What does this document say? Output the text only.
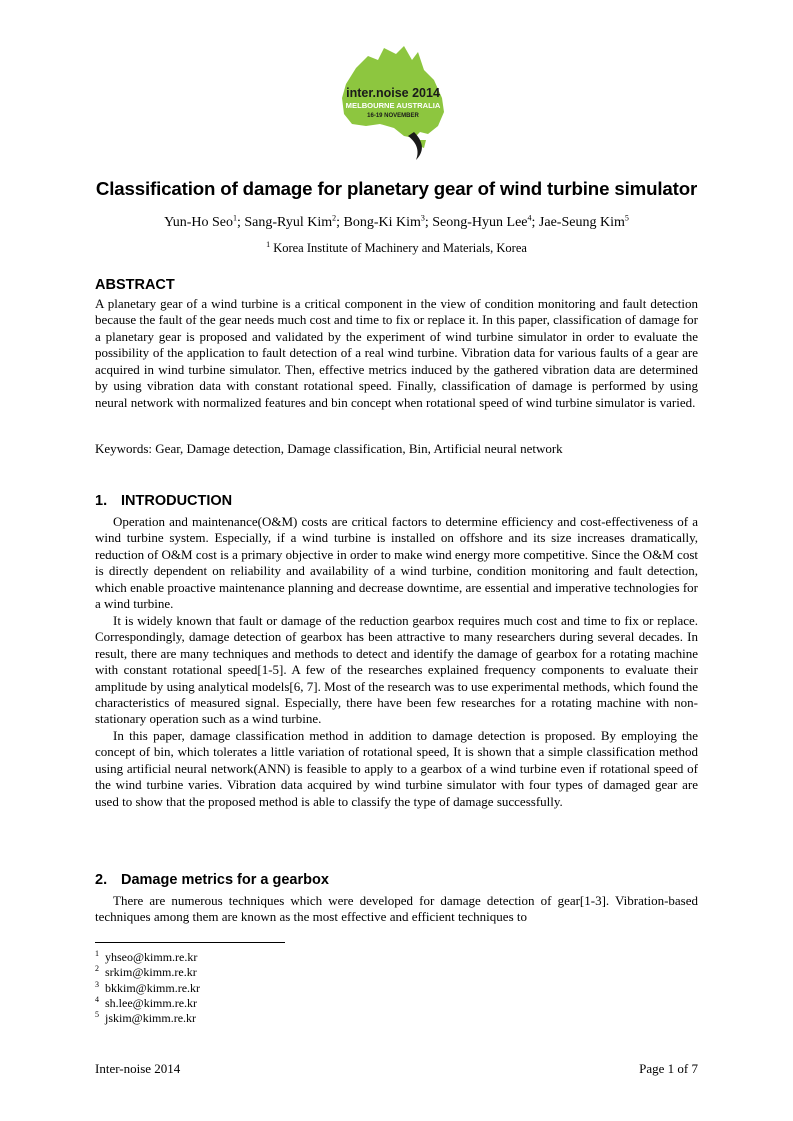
inter.noise 2014
MELBOURNE AUSTRALIA
16-19 NOVEMBER
Classification of damage for planetary gear of wind turbine simulator

Yun-Ho Seo$^1$; Sang-Ryul Kim$^2$; Bong-Ki Kim$^3$; Seong-Hyun Lee$^4$; Jae-Seung Kim$^5$

$^1$ Korea Institute of Machinery and Materials, Korea

ABSTRACT

A planetary gear of a wind turbine is a critical component in the view of condition monitoring and fault detection because the fault of the gear needs much cost and time to fix or replace it. In this paper, classification of damage for a planetary gear is proposed and validated by the experiment of wind turbine simulator in order to evaluate the possibility of the application to fault detection of a real wind turbine. Vibration data for various faults of a gear are acquired in wind turbine simulator. Then, effective metrics induced by the gathered vibration data are determined by using vibration data with constant rotational speed. Finally, classification of damage is performed by using neural network with normalized features and bin concept when rotational speed of wind turbine simulator is varied.

Keywords: Gear, Damage detection, Damage classification, Bin, Artificial neural network

1. INTRODUCTION

Operation and maintenance(O&M) costs are critical factors to determine efficiency and cost-effectiveness of a wind turbine system. Especially, if a wind turbine is installed on offshore and its size increases dramatically, reduction of O&M cost is a primary objective in order to make wind energy more competitive. Since the O&M cost is directly dependent on reliability and availability of a wind turbine, condition monitoring and fault detection, which enable proactive maintenance planning and decrease downtime, are essential and imperative technologies for a wind turbine.

It is widely known that fault or damage of the reduction gearbox requires much cost and time to fix or replace. Correspondingly, damage detection of gearbox has been attractive to many researchers during several decades. In result, there are many techniques and methods to detect and identify the damage of gearbox for a rotating machine with constant rotational speed[1-5]. A few of the researches explained frequency components to evaluate their amplitude by using analytical models[6, 7]. Most of the research was to use experimental methods, which found the characteristics of measured signal. Especially, there have been few researches for a rotating machine with non-stationary operation such as a wind turbine.

In this paper, damage classification method in addition to damage detection is proposed. By employing the concept of bin, which tolerates a little variation of rotational speed, It is shown that a simple classification method using artificial neural network(ANN) is feasible to apply to a gearbox of a wind turbine even if rotational speed of the wind turbine varies. Vibration data acquired by wind turbine simulator with four types of damaged gear are used to show that the proposed method is able to classify the type of damage successfully.

2. Damage metrics for a gearbox

There are numerous techniques which were developed for damage detection of gear[1-3]. Vibration-based techniques among them are known as the most effective and efficient techniques to

$^1$ yhseo@kimm.re.kr
$^2$ srkim@kimm.re.kr
$^3$ bkkim@kimm.re.kr
$^4$ sh.lee@kimm.re.kr
$^5$ jskim@kimm.re.kr

Inter-noise 2014	Page 1 of 7
